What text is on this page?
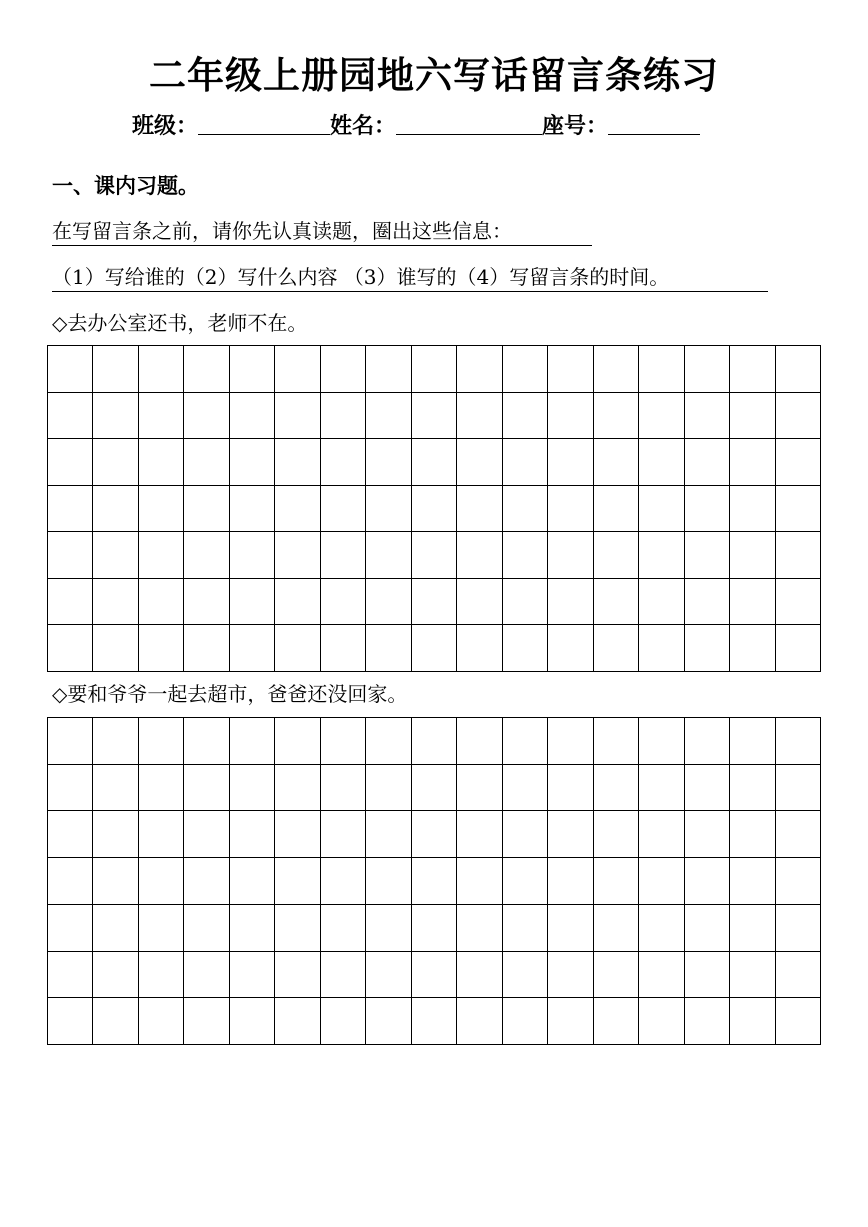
二年级上册园地六写话留言条练习
班级：	姓名：	座号：
一、课内习题。
在写留言条之前，请你先认真读题，圈出这些信息：
（1）写给谁的（2）写什么内容 （3）谁写的（4）写留言条的时间。
◇去办公室还书，老师不在。
◇要和爷爷一起去超市，爸爸还没回家。
